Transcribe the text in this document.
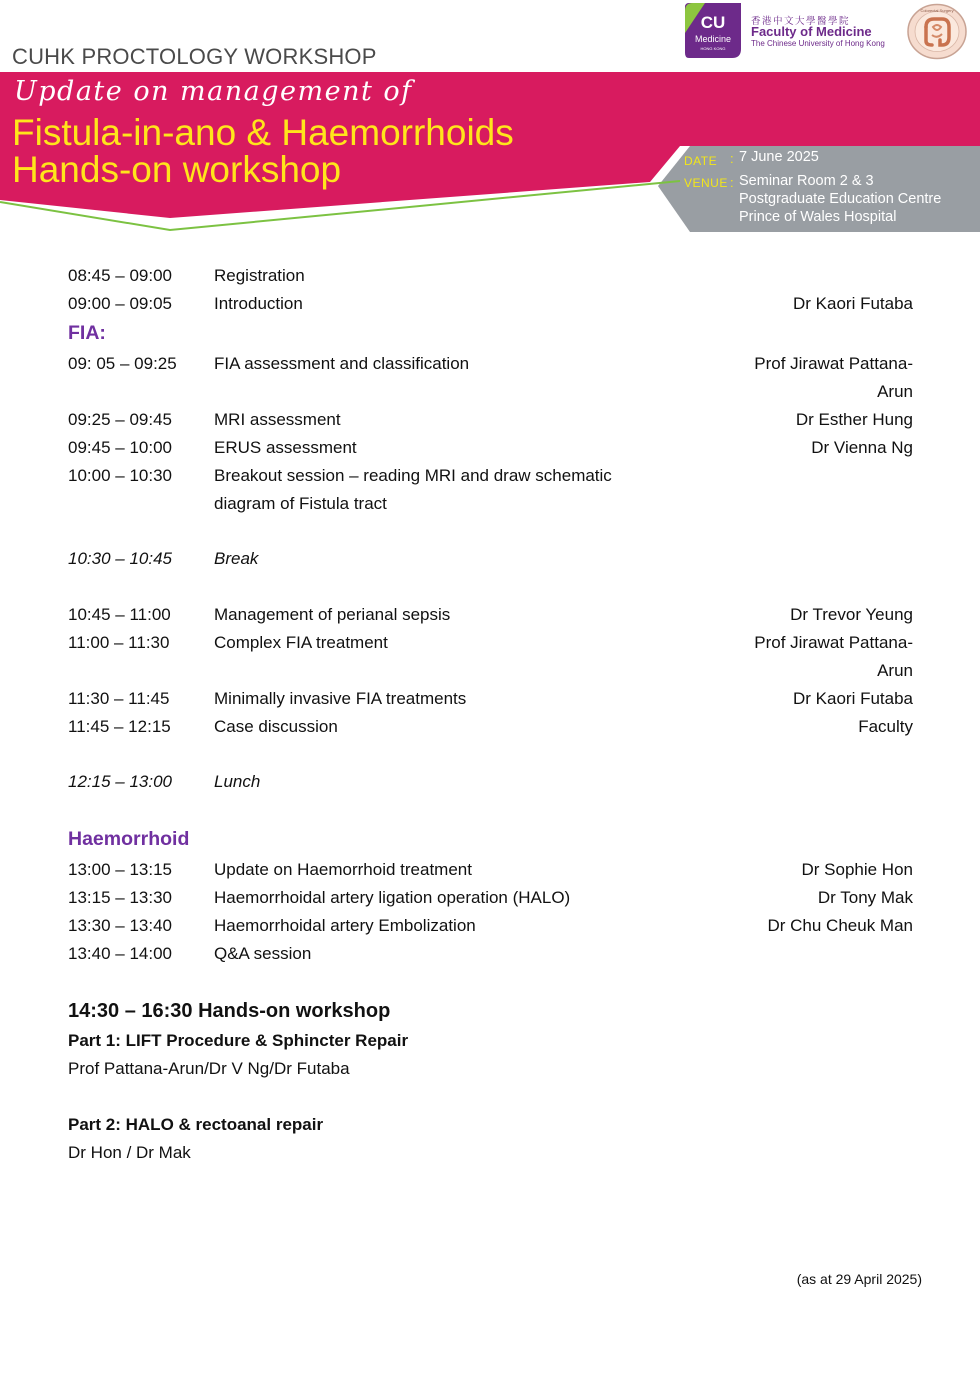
CUHK PROCTOLOGY WORKSHOP
Update on management of
Fistula-in-ano & Haemorrhoids
Hands-on workshop	DATE : 7 June 2025
VENUE : Seminar Room 2 & 3
Postgraduate Education Centre
Prince of Wales Hospital
CU
Medicine
HONG KONG
香港中文大學醫學院
Faculty of Medicine
The Chinese University of Hong Kong
Colorectal Surgery
08:45 – 09:00 Registration
09:00 – 09:05 Introduction	Dr Kaori Futaba
FIA:
09: 05 – 09:25 FIA assessment and classification	Prof Jirawat Pattana-
Arun
09:25 – 09:45 MRI assessment	Dr Esther Hung
09:45 – 10:00 ERUS assessment	Dr Vienna Ng
10:00 – 10:30 Breakout session – reading MRI and draw schematic
diagram of Fistula tract
10:30 – 10:45 Break
10:45 – 11:00	Management of perianal sepsis	Dr Trevor Yeung
11:00 – 11:30	Complex FIA treatment	Prof Jirawat Pattana-
Arun
11:30 – 11:45	Minimally invasive FIA treatments	Dr Kaori Futaba
11:45 – 12:15	Case discussion	Faculty
12:15 – 13:00 Lunch
Haemorrhoid
13:00 – 13:15 Update on Haemorrhoid treatment	Dr Sophie Hon
13:15 – 13:30 Haemorrhoidal artery ligation operation (HALO)	Dr Tony Mak
13:30 – 13:40 Haemorrhoidal artery Embolization	Dr Chu Cheuk Man
13:40 – 14:00 Q&A session
14:30 – 16:30 Hands-on workshop
Part 1: LIFT Procedure & Sphincter Repair
Prof Pattana-Arun/Dr V Ng/Dr Futaba
Part 2: HALO & rectoanal repair
Dr Hon / Dr Mak
(as at 29 April 2025)
